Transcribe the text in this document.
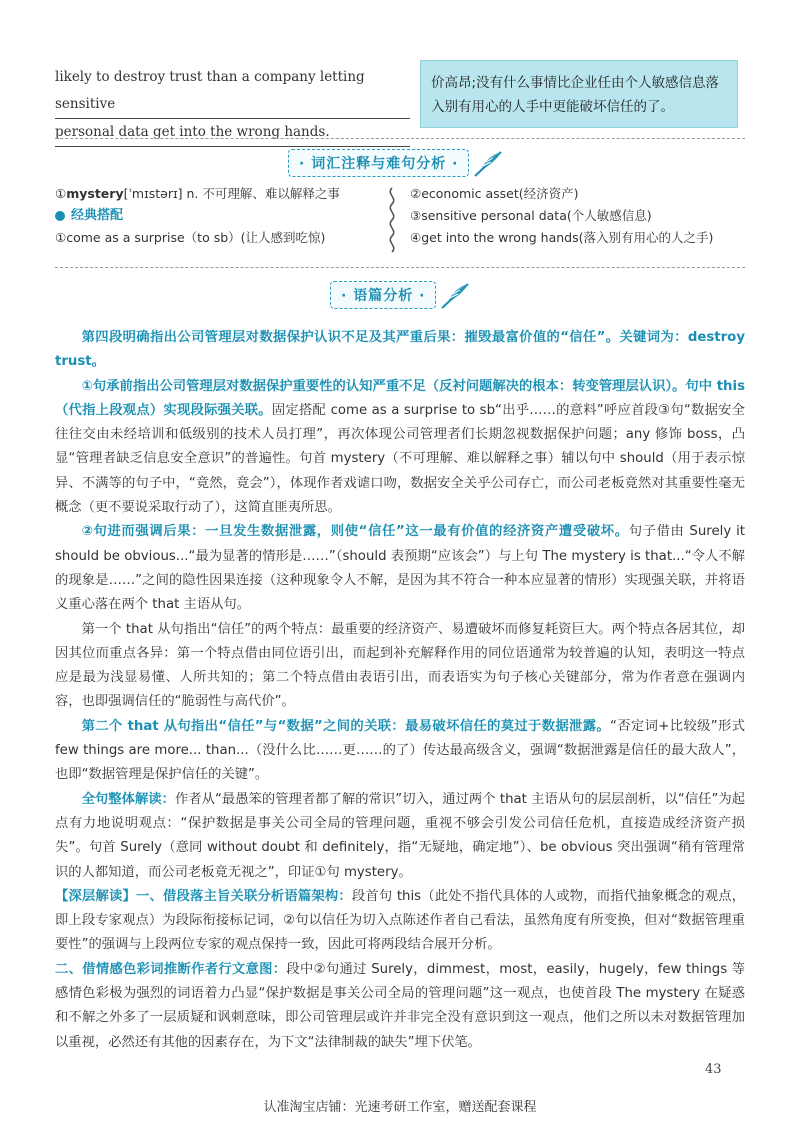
likely to destroy trust than a company letting sensitive
personal data get into the wrong hands.
价高昂;没有什么事情比企业任由个人敏感信息落入别有用心的人手中更能破坏信任的了。
· 词汇注释与难句分析 ·
①mystery[ˈmɪstərɪ] n. 不可理解、难以解释之事
经典搭配
①come as a surprise（to sb）(让人感到吃惊)
②economic asset(经济资产)
③sensitive personal data(个人敏感信息)
④get into the wrong hands(落入别有用心的人之手)
· 语篇分析 ·

第四段明确指出公司管理层对数据保护认识不足及其严重后果：摧毁最富价值的“信任”。关键词为：destroy trust。

①句承前指出公司管理层对数据保护重要性的认知严重不足（反衬问题解决的根本：转变管理层认识）。句中 this（代指上段观点）实现段际强关联。固定搭配 come as a surprise to sb“出乎……的意料”呼应首段③句“数据安全往往交由未经培训和低级别的技术人员打理”，再次体现公司管理者们长期忽视数据保护问题；any 修饰 boss，凸显“管理者缺乏信息安全意识”的普遍性。句首 mystery（不可理解、难以解释之事）辅以句中 should（用于表示惊异、不满等的句子中，“竟然，竟会”），体现作者戏谑口吻，数据安全关乎公司存亡，而公司老板竟然对其重要性毫无概念（更不要说采取行动了），这简直匪夷所思。

②句进而强调后果：一旦发生数据泄露，则使“信任”这一最有价值的经济资产遭受破坏。句子借由 Surely it should be obvious...“最为显著的情形是……”（should 表预期“应该会”）与上句 The mystery is that...“令人不解的现象是……”之间的隐性因果连接（这种现象令人不解，是因为其不符合一种本应显著的情形）实现强关联，并将语义重心落在两个 that 主语从句。

第一个 that 从句指出“信任”的两个特点：最重要的经济资产、易遭破坏而修复耗资巨大。两个特点各居其位，却因其位而重点各异：第一个特点借由同位语引出，而起到补充解释作用的同位语通常为较普遍的认知，表明这一特点应是最为浅显易懂、人所共知的；第二个特点借由表语引出，而表语实为句子核心关键部分，常为作者意在强调内容，也即强调信任的“脆弱性与高代价”。

第二个 that 从句指出“信任”与“数据”之间的关联：最易破坏信任的莫过于数据泄露。“否定词+比较级”形式 few things are more... than...（没什么比……更……的了）传达最高级含义，强调“数据泄露是信任的最大敌人”，也即“数据管理是保护信任的关键”。

全句整体解读：作者从“最愚笨的管理者都了解的常识”切入，通过两个 that 主语从句的层层剖析，以“信任”为起点有力地说明观点：“保护数据是事关公司全局的管理问题，重视不够会引发公司信任危机，直接造成经济资产损失”。句首 Surely（意同 without doubt 和 definitely，指“无疑地，确定地”）、be obvious 突出强调“稍有管理常识的人都知道，而公司老板竟无视之”，印证①句 mystery。

【深层解读】一、借段落主旨关联分析语篇架构：段首句 this（此处不指代具体的人或物，而指代抽象概念的观点，即上段专家观点）为段际衔接标记词，②句以信任为切入点陈述作者自己看法，虽然角度有所变换，但对“数据管理重要性”的强调与上段两位专家的观点保持一致，因此可将两段结合展开分析。

二、借情感色彩词推断作者行文意图：段中②句通过 Surely，dimmest，most，easily，hugely，few things 等感情色彩极为强烈的词语着力凸显“保护数据是事关公司全局的管理问题”这一观点，也使首段 The mystery 在疑惑和不解之外多了一层质疑和讽刺意味，即公司管理层或许并非完全没有意识到这一观点，他们之所以未对数据管理加以重视，必然还有其他的因素存在，为下文“法律制裁的缺失”埋下伏笔。

43
认准淘宝店铺：光速考研工作室，赠送配套课程
